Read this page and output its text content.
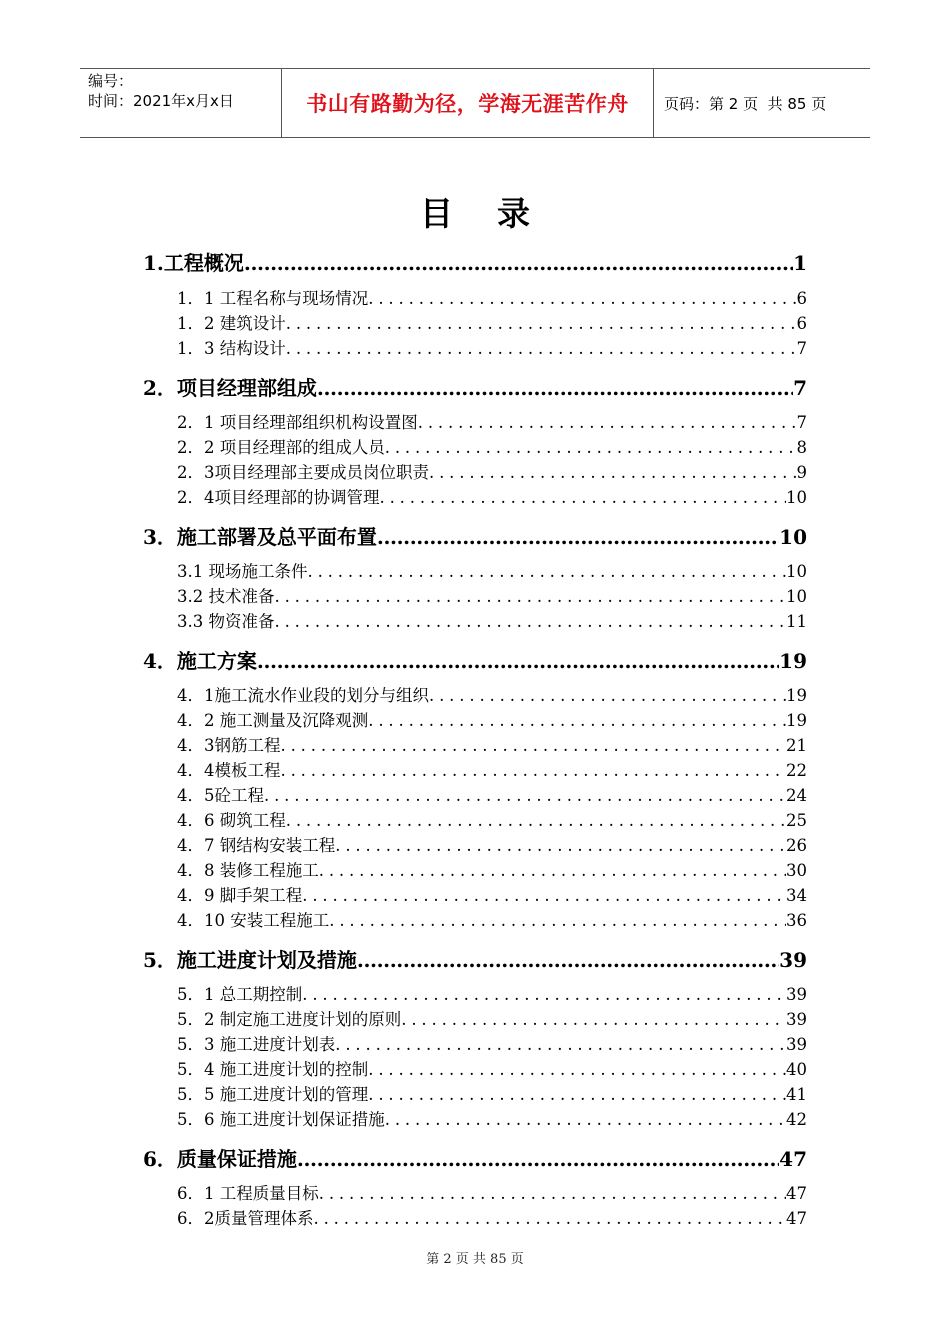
编号：
时间：2021年x月x日	书山有路勤为径，学海无涯苦作舟 页码：第 2 页  共 85 页
目 录
1.工程概况 .....	1
1．1 工程名称与现场情况 . . .	6
1．2 建筑设计 . . .	6
1．3 结构设计 . . .	7
2．项目经理部组成 .....	7
2．1 项目经理部组织机构设置图 . . .	7
2．2 项目经理部的组成人员 . . .	8
2．3项目经理部主要成员岗位职责 . . .	9
2．4项目经理部的协调管理 . . .	10
3．施工部署及总平面布置 .....	10
3.1 现场施工条件 . . .	10
3.2 技术准备 . . .	10
3.3 物资准备 . . .	11
4．施工方案 .....	19
4．1施工流水作业段的划分与组织 . . .	19
4．2 施工测量及沉降观测 . . .	19
4．3钢筋工程 . . .	21
4．4模板工程 . . .	22
4．5砼工程 . . .	24
4．6 砌筑工程 . . .	25
4．7 钢结构安装工程 . . .	26
4．8 装修工程施工 . . .	30
4．9 脚手架工程 . . .	34
4．10 安装工程施工 . . .	36
5．施工进度计划及措施 .....	39
5．1 总工期控制 . . .	39
5．2 制定施工进度计划的原则 . . .	39
5．3 施工进度计划表 . . .	39
5．4 施工进度计划的控制 . . .	40
5．5 施工进度计划的管理 . . .	41
5．6 施工进度计划保证措施 . . .	42
6．质量保证措施 .....	47
6．1 工程质量目标 . . .	47
6．2质量管理体系 . . .	47
第 2 页 共 85 页
